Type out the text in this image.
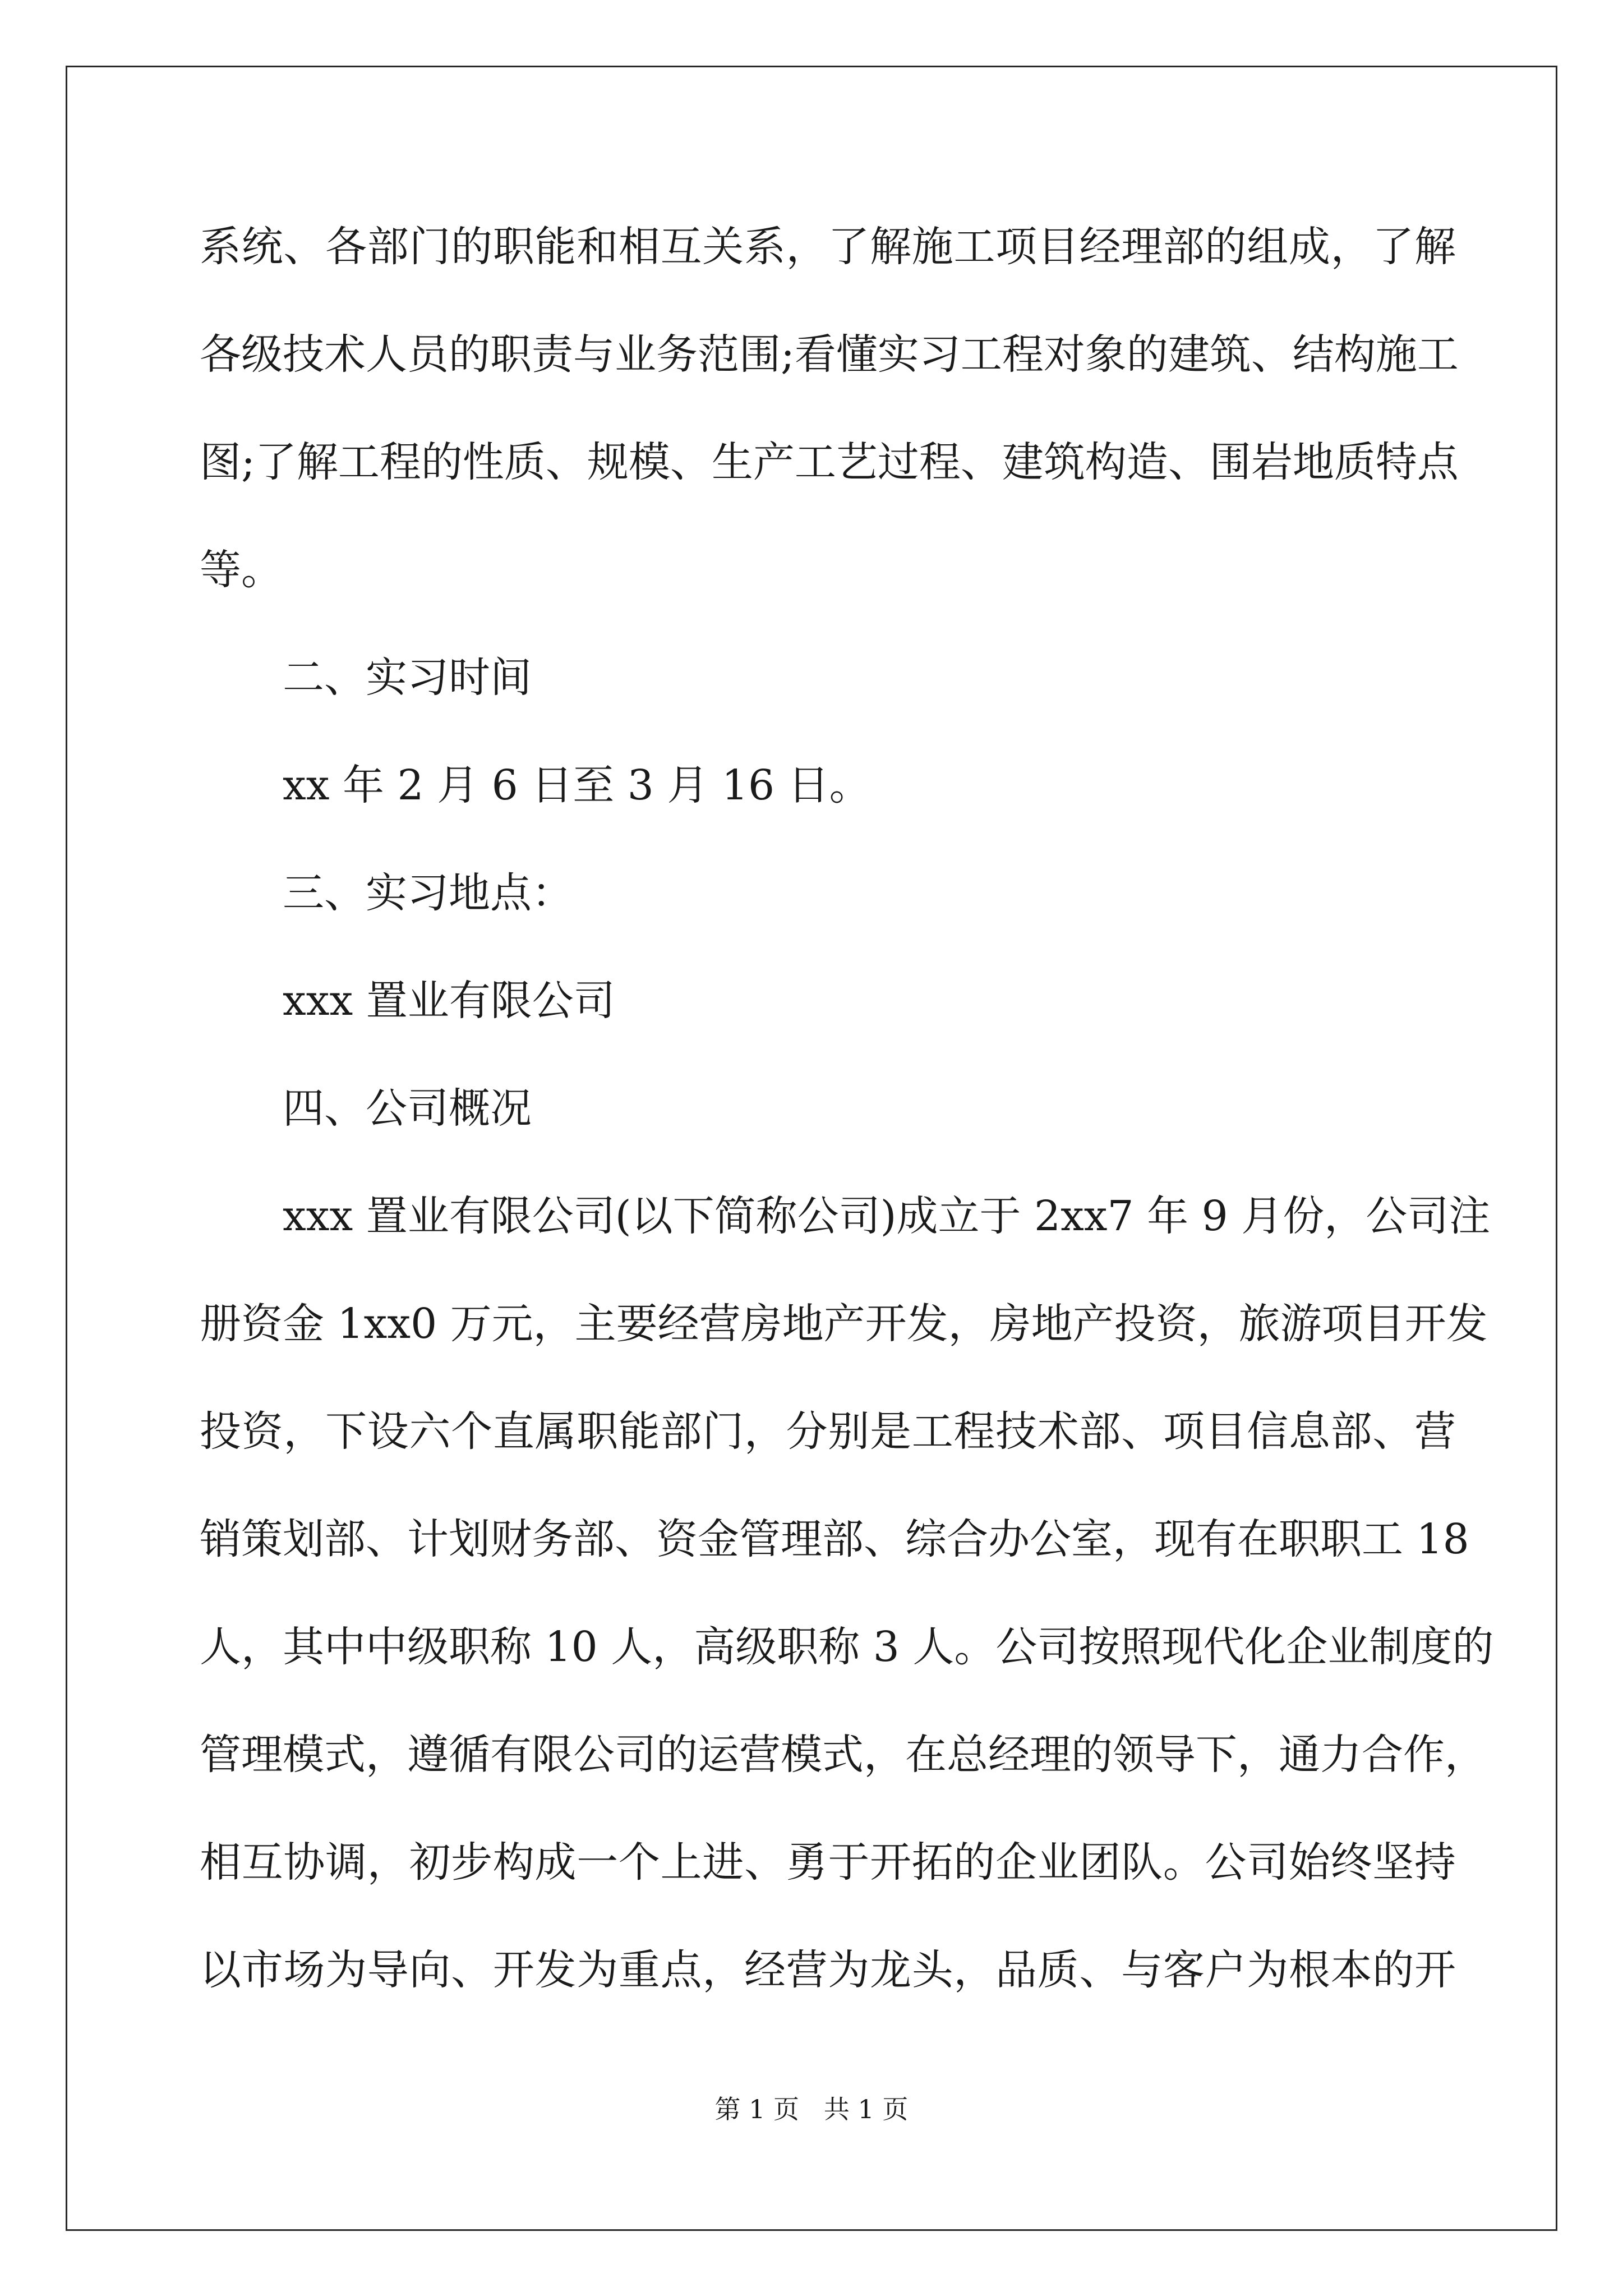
系统、各部门的职能和相互关系，了解施工项目经理部的组成，了解
各级技术人员的职责与业务范围;看懂实习工程对象的建筑、结构施工
图;了解工程的性质、规模、生产工艺过程、建筑构造、围岩地质特点
等。
二、实习时间
xx 年 2 月 6 日至 3 月 16 日。
三、实习地点：
xxx 置业有限公司
四、公司概况
xxx 置业有限公司(以下简称公司)成立于 2xx7 年 9 月份，公司注
册资金 1xx0 万元，主要经营房地产开发，房地产投资，旅游项目开发
投资，下设六个直属职能部门，分别是工程技术部、项目信息部、营
销策划部、计划财务部、资金管理部、综合办公室，现有在职职工 18
人，其中中级职称 10 人，高级职称 3 人。公司按照现代化企业制度的
管理模式，遵循有限公司的运营模式，在总经理的领导下，通力合作，
相互协调，初步构成一个上进、勇于开拓的企业团队。公司始终坚持
以市场为导向、开发为重点，经营为龙头，品质、与客户为根本的开
第 1 页   共 1 页
